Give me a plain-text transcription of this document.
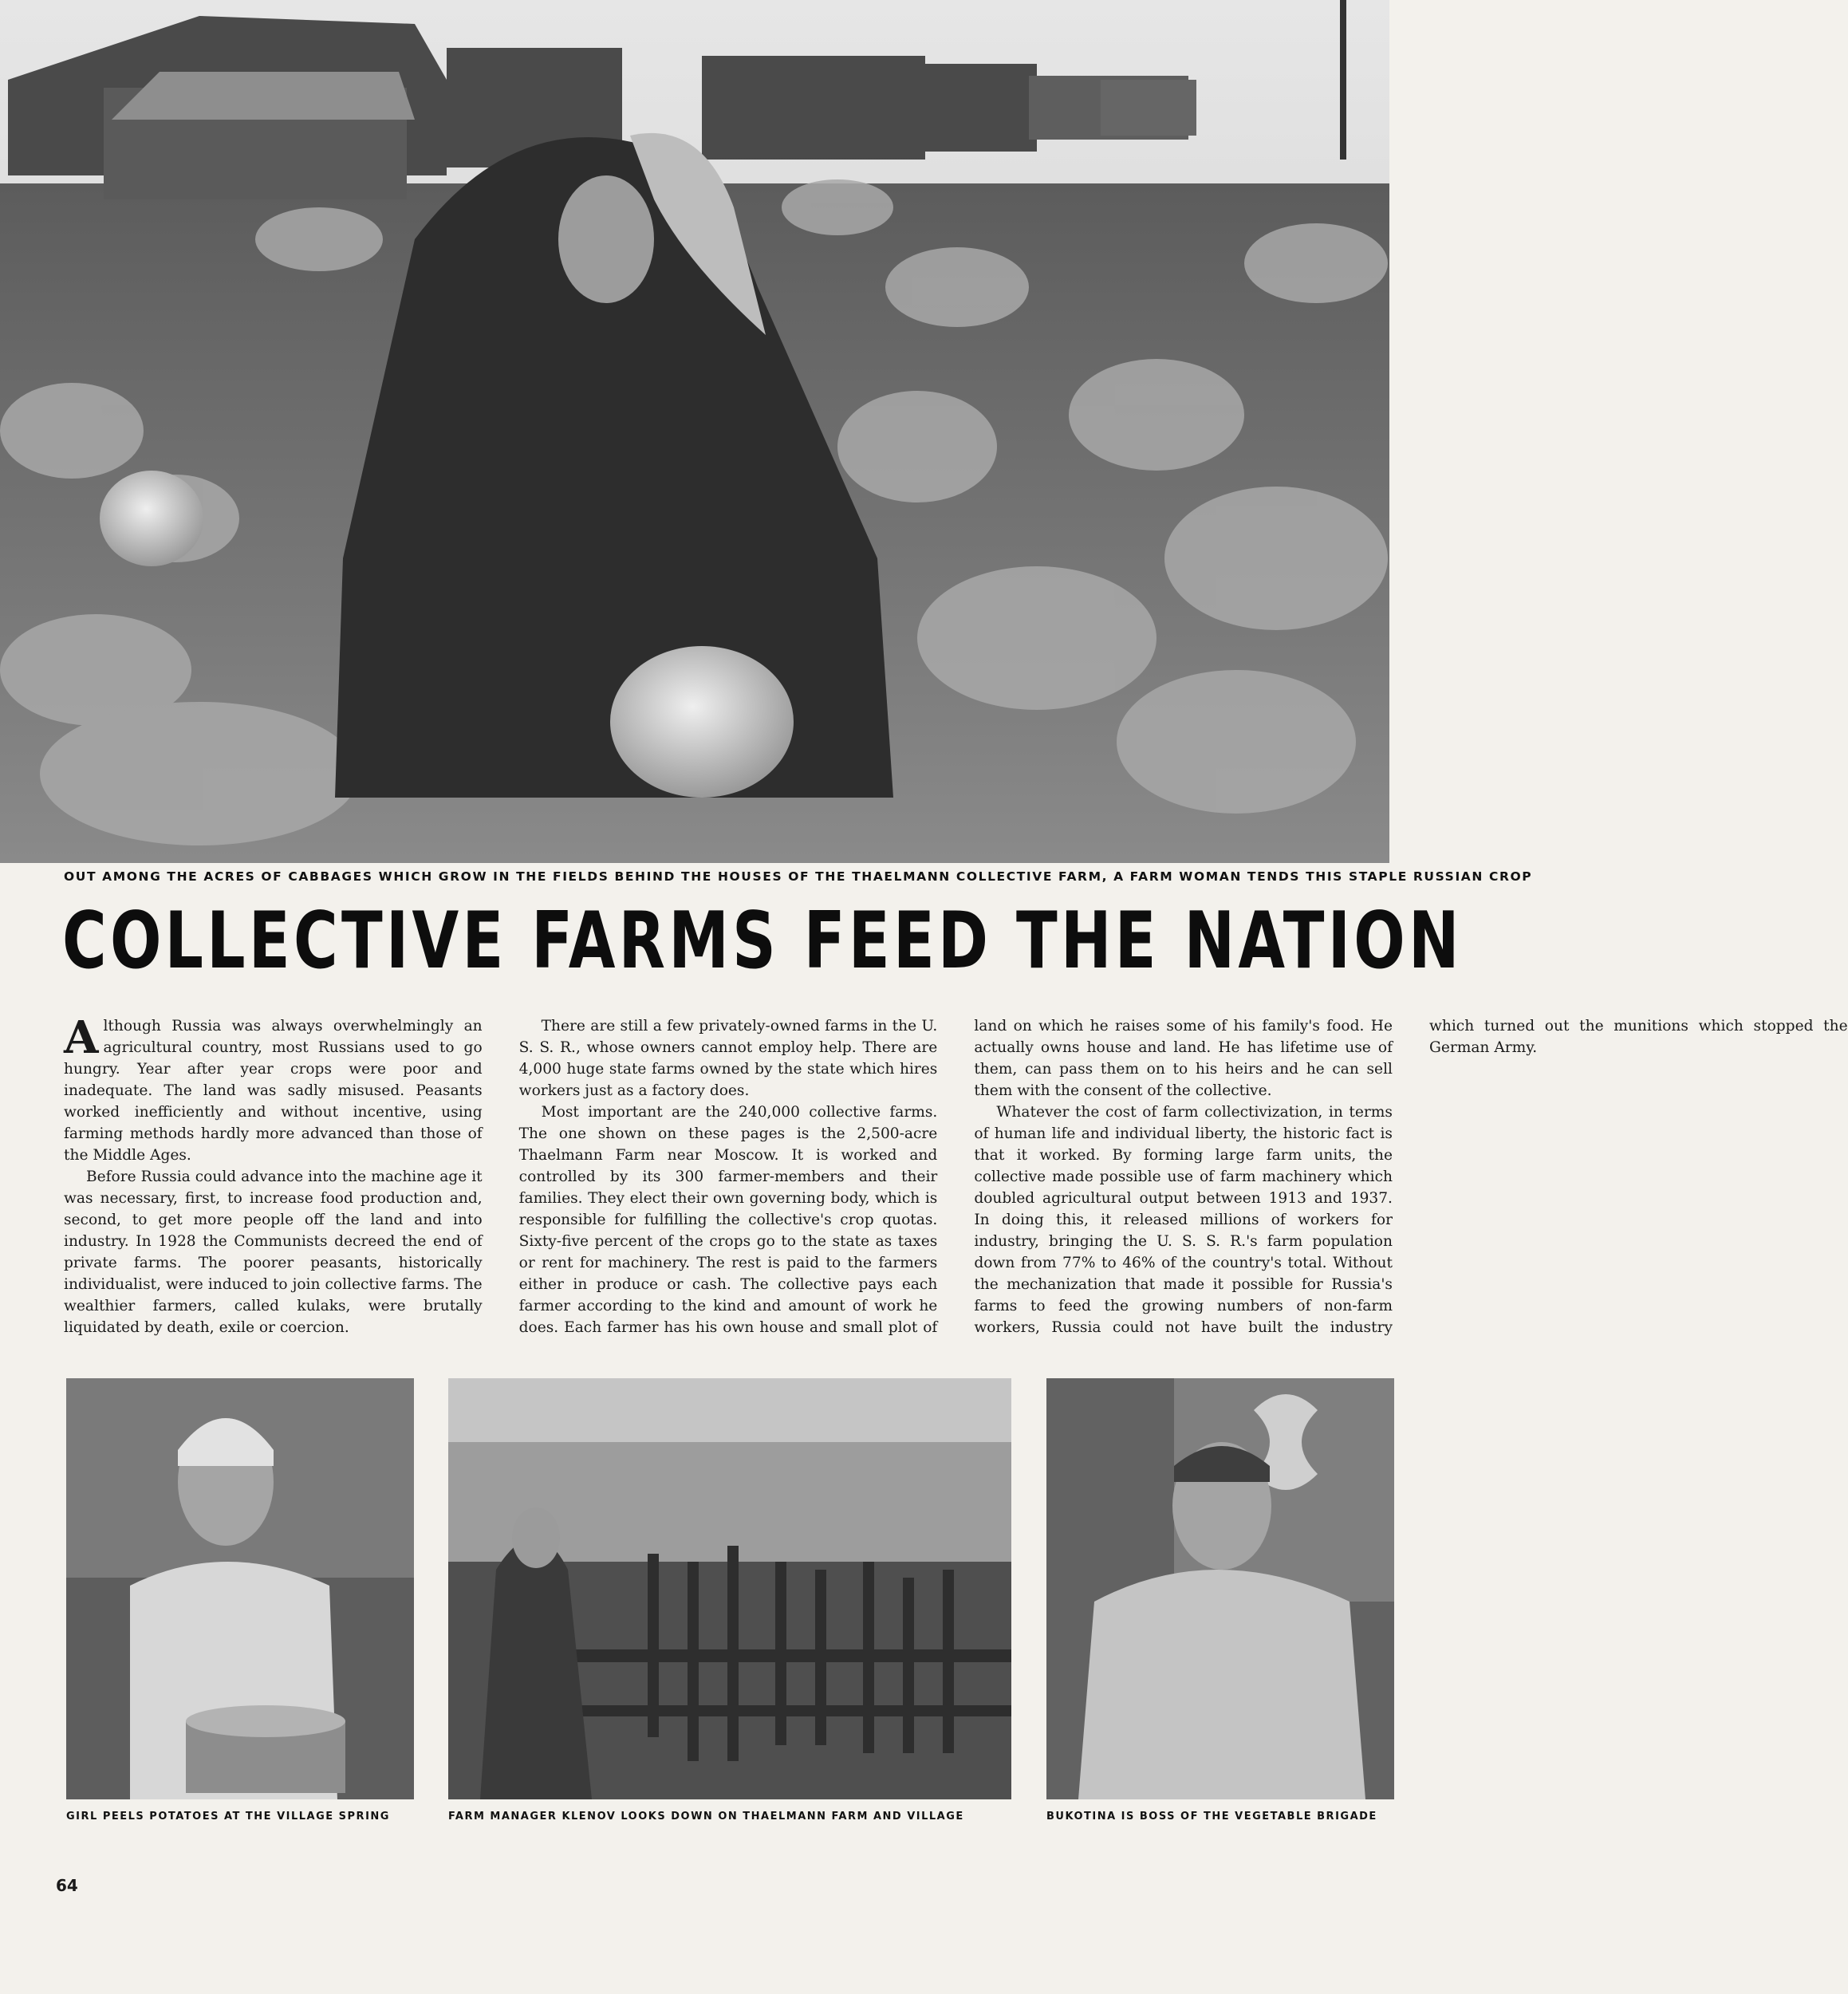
OUT AMONG THE ACRES OF CABBAGES WHICH GROW IN THE FIELDS BEHIND THE HOUSES OF THE THAELMANN COLLECTIVE FARM, A FARM WOMAN TENDS THIS STAPLE RUSSIAN CROP
COLLECTIVE FARMS FEED THE NATION

Although Russia was always overwhelmingly an agricultural country, most Russians used to go hungry. Year after year crops were poor and inadequate. The land was sadly misused. Peasants worked inefficiently and without incentive, using farming methods hardly more advanced than those of the Middle Ages.

Before Russia could advance into the machine age it was necessary, first, to increase food production and, second, to get more people off the land and into industry. In 1928 the Communists decreed the end of private farms. The poorer peasants, historically individualist, were induced to join collective farms. The wealthier farmers, called kulaks, were brutally liquidated by death, exile or coercion.

There are still a few privately-owned farms in the U. S. S. R., whose owners cannot employ help. There are 4,000 huge state farms owned by the state which hires workers just as a factory does.

Most important are the 240,000 collective farms. The one shown on these pages is the 2,500-acre Thaelmann Farm near Moscow. It is worked and controlled by its 300 farmer-members and their families. They elect their own governing body, which is responsible for fulfilling the collective's crop quotas. Sixty-five percent of the crops go to the state as taxes or rent for machinery. The rest is paid to the farmers either in produce or cash. The collective pays each farmer according to the kind and amount of work he does. Each farmer has his own house and small plot of land on which he raises some of his family's food. He actually owns house and land. He has lifetime use of them, can pass them on to his heirs and he can sell them with the consent of the collective.

Whatever the cost of farm collectivization, in terms of human life and individual liberty, the historic fact is that it worked. By forming large farm units, the collective made possible use of farm machinery which doubled agricultural output between 1913 and 1937. In doing this, it released millions of workers for industry, bringing the U. S. S. R.'s farm population down from 77% to 46% of the country's total. Without the mechanization that made it possible for Russia's farms to feed the growing numbers of non-farm workers, Russia could not have built the industry which turned out the munitions which stopped the German Army.

GIRL PEELS POTATOES AT THE VILLAGE SPRING	FARM MANAGER KLENOV LOOKS DOWN ON THAELMANN FARM AND VILLAGE	BUKOTINA IS BOSS OF THE VEGETABLE BRIGADE
64
